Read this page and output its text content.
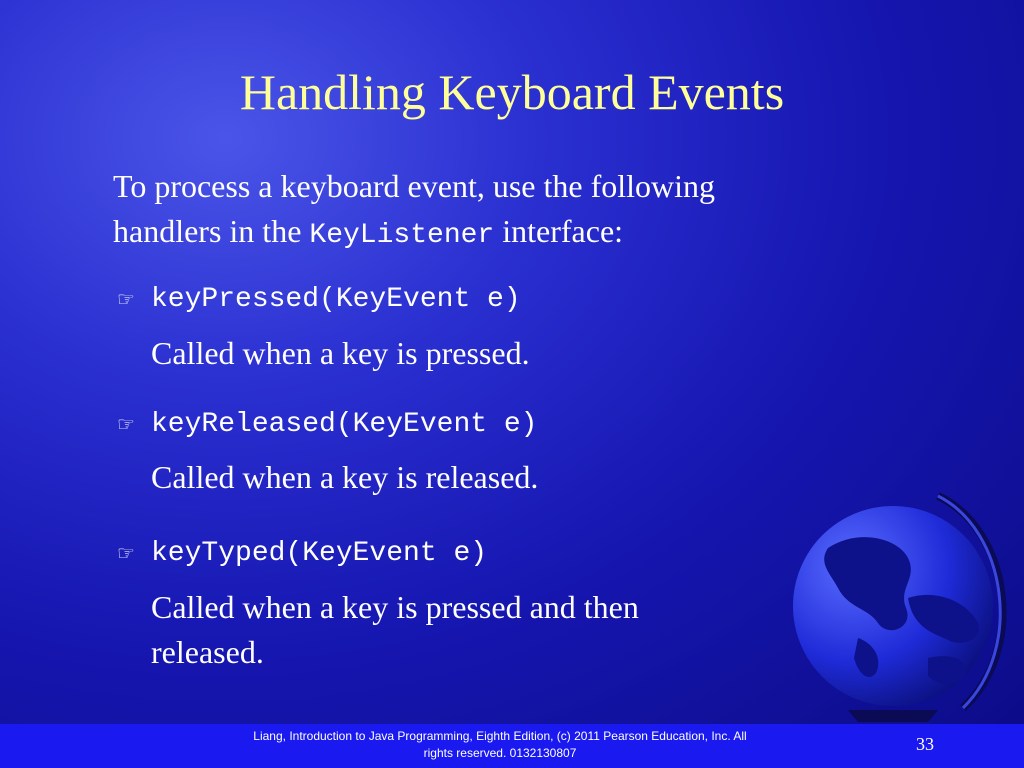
Handling Keyboard Events
To process a keyboard event, use the following
handlers in the KeyListener interface:
☞ keyPressed(KeyEvent e)
Called when a key is pressed.
☞ keyReleased(KeyEvent e)
Called when a key is released.
☞ keyTyped(KeyEvent e)
Called when a key is pressed and then released.
Liang, Introduction to Java Programming, Eighth Edition, (c) 2011 Pearson Education, Inc. All
rights reserved. 0132130807	33
